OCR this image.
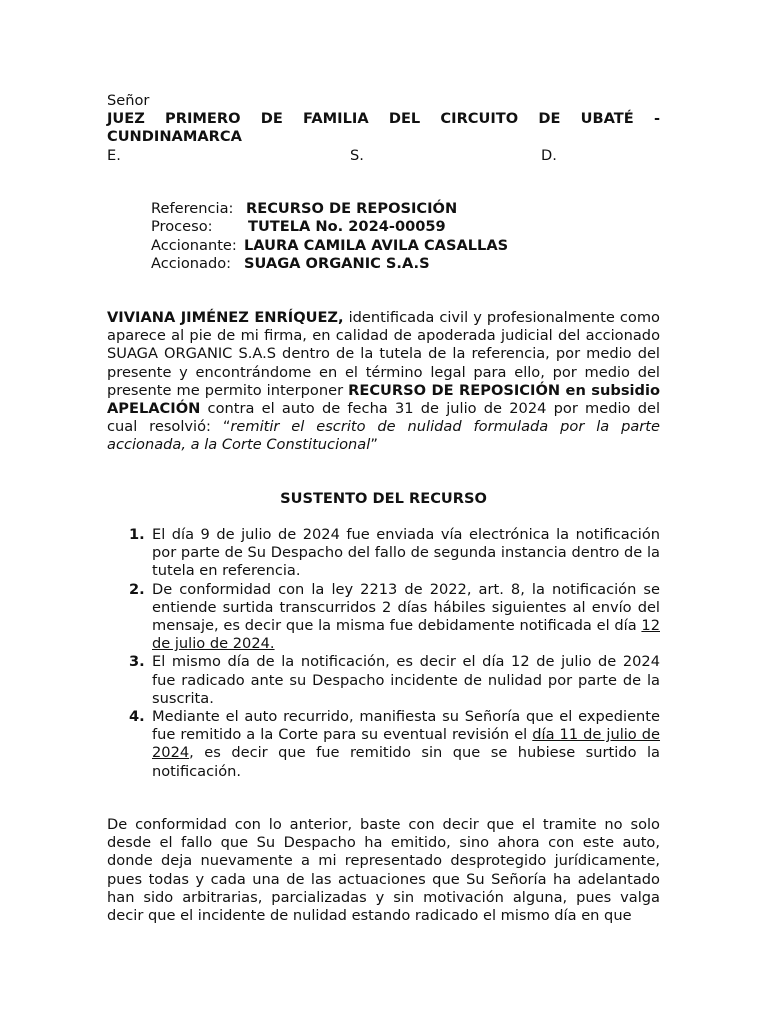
Señor
JUEZ PRIMERO DE FAMILIA DEL CIRCUITO DE UBATÉ -
CUNDINAMARCA
E.	S.	D.
Referencia: RECURSO DE REPOSICIÓN
Proceso:	TUTELA No. 2024-00059
Accionante: LAURA CAMILA AVILA CASALLAS
Accionado: SUAGA ORGANIC S.A.S
VIVIANA JIMÉNEZ ENRÍQUEZ, identificada civil y profesionalmente como aparece al pie de mi firma, en calidad de apoderada judicial del accionado SUAGA ORGANIC S.A.S dentro de la tutela de la referencia, por medio del presente y encontrándome en el término legal para ello, por medio del presente me permito interponer RECURSO DE REPOSICIÓN en subsidio APELACIÓN contra el auto de fecha 31 de julio de 2024 por medio del cual resolvió: “remitir el escrito de nulidad formulada por la parte accionada, a la Corte Constitucional”
SUSTENTO DEL RECURSO
1. El día 9 de julio de 2024 fue enviada vía electrónica la notificación por parte de Su Despacho del fallo de segunda instancia dentro de la tutela en referencia.
2. De conformidad con la ley 2213 de 2022, art. 8, la notificación se entiende surtida transcurridos 2 días hábiles siguientes al envío del mensaje, es decir que la misma fue debidamente notificada el día 12 de julio de 2024.
3. El mismo día de la notificación, es decir el día 12 de julio de 2024 fue radicado ante su Despacho incidente de nulidad por parte de la suscrita.
4. Mediante el auto recurrido, manifiesta su Señoría que el expediente fue remitido a la Corte para su eventual revisión el día 11 de julio de 2024, es decir que fue remitido sin que se hubiese surtido la notificación.
De conformidad con lo anterior, baste con decir que el tramite no solo desde el fallo que Su Despacho ha emitido, sino ahora con este auto, donde deja nuevamente a mi representado desprotegido jurídicamente, pues todas y cada una de las actuaciones que Su Señoría ha adelantado han sido arbitrarias, parcializadas y sin motivación alguna, pues valga decir que el incidente de nulidad estando radicado el mismo día en que
